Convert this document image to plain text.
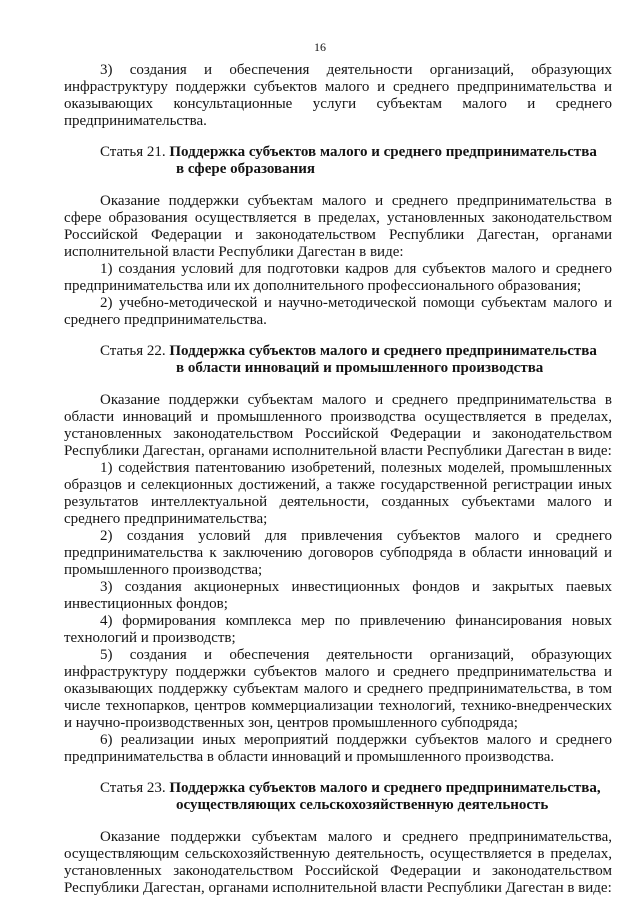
16

3) создания и обеспечения деятельности организаций, образующих инфраструктуру поддержки субъектов малого и среднего предпринимательства и оказывающих консультационные услуги субъектам малого и среднего предпринимательства.

Статья 21. Поддержка субъектов малого и среднего предпринимательства
в сфере образования

Оказание поддержки субъектам малого и среднего предпринимательства в сфере образования осуществляется в пределах, установленных законодательством Российской Федерации и законодательством Республики Дагестан, органами исполнительной власти Республики Дагестан в виде:

1) создания условий для подготовки кадров для субъектов малого и среднего предпринимательства или их дополнительного профессионального образования;

2) учебно-методической и научно-методической помощи субъектам малого и среднего предпринимательства.

Статья 22. Поддержка субъектов малого и среднего предпринимательства
в области инноваций и промышленного производства

Оказание поддержки субъектам малого и среднего предпринимательства в области инноваций и промышленного производства осуществляется в пределах, установленных законодательством Российской Федерации и законодательством Республики Дагестан, органами исполнительной власти Республики Дагестан в виде:

1) содействия патентованию изобретений, полезных моделей, промышленных образцов и селекционных достижений, а также государственной регистрации иных результатов интеллектуальной деятельности, созданных субъектами малого и среднего предпринимательства;

2) создания условий для привлечения субъектов малого и среднего предпринимательства к заключению договоров субподряда в области инноваций и промышленного производства;

3) создания акционерных инвестиционных фондов и закрытых паевых инвестиционных фондов;

4) формирования комплекса мер по привлечению финансирования новых технологий и производств;

5) создания и обеспечения деятельности организаций, образующих инфраструктуру поддержки субъектов малого и среднего предпринимательства и оказывающих поддержку субъектам малого и среднего предпринимательства, в том числе технопарков, центров коммерциализации технологий, технико-внедренческих и научно-производственных зон, центров промышленного субподряда;

6) реализации иных мероприятий поддержки субъектов малого и среднего предпринимательства в области инноваций и промышленного производства.

Статья 23. Поддержка субъектов малого и среднего предпринимательства,
осуществляющих сельскохозяйственную деятельность

Оказание поддержки субъектам малого и среднего предпринимательства, осуществляющим сельскохозяйственную деятельность, осуществляется в пределах, установленных законодательством Российской Федерации и законодательством Республики Дагестан, органами исполнительной власти Республики Дагестан в виде:
